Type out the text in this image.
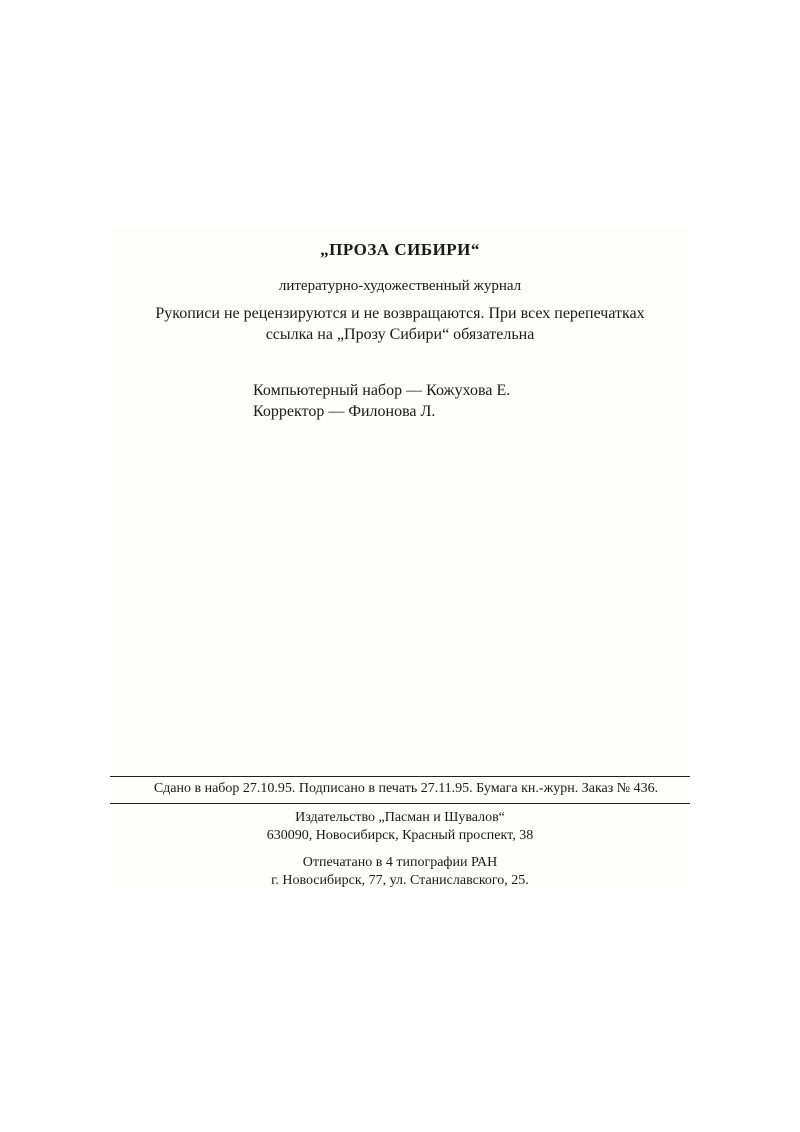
„ПРОЗА СИБИРИ“
литературно-художественный журнал
Рукописи не рецензируются и не возвращаются. При всех перепечатках
ссылка на „Прозу Сибири“ обязательна
Компьютерный набор — Кожухова Е.
Корректор — Филонова Л.
Сдано в набор 27.10.95. Подписано в печать 27.11.95. Бумага кн.-журн. Заказ № 436.
Издательство „Пасман и Шувалов“
630090, Новосибирск, Красный проспект, 38
Отпечатано в 4 типографии РАН
г. Новосибирск, 77, ул. Станиславского, 25.
